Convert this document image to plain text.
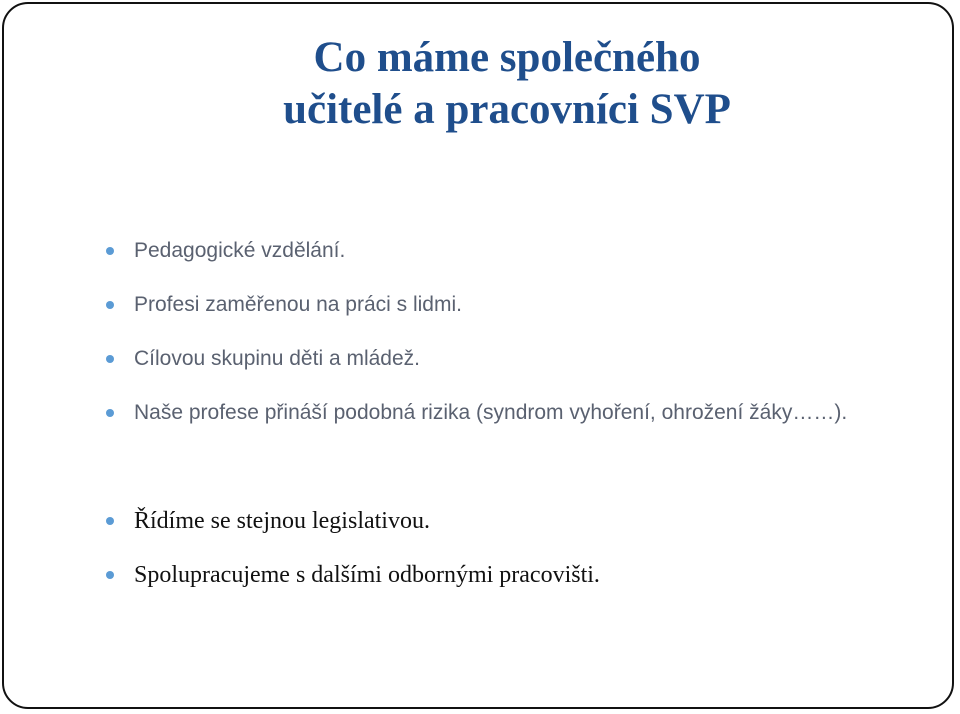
Co máme společného
učitelé a pracovníci SVP
Pedagogické vzdělání.
Profesi zaměřenou na práci s lidmi.
Cílovou skupinu děti a mládež.
Naše profese přináší podobná rizika (syndrom vyhoření, ohrožení žáky……).
Řídíme se stejnou legislativou.
Spolupracujeme s dalšími odbornými pracovišti.
